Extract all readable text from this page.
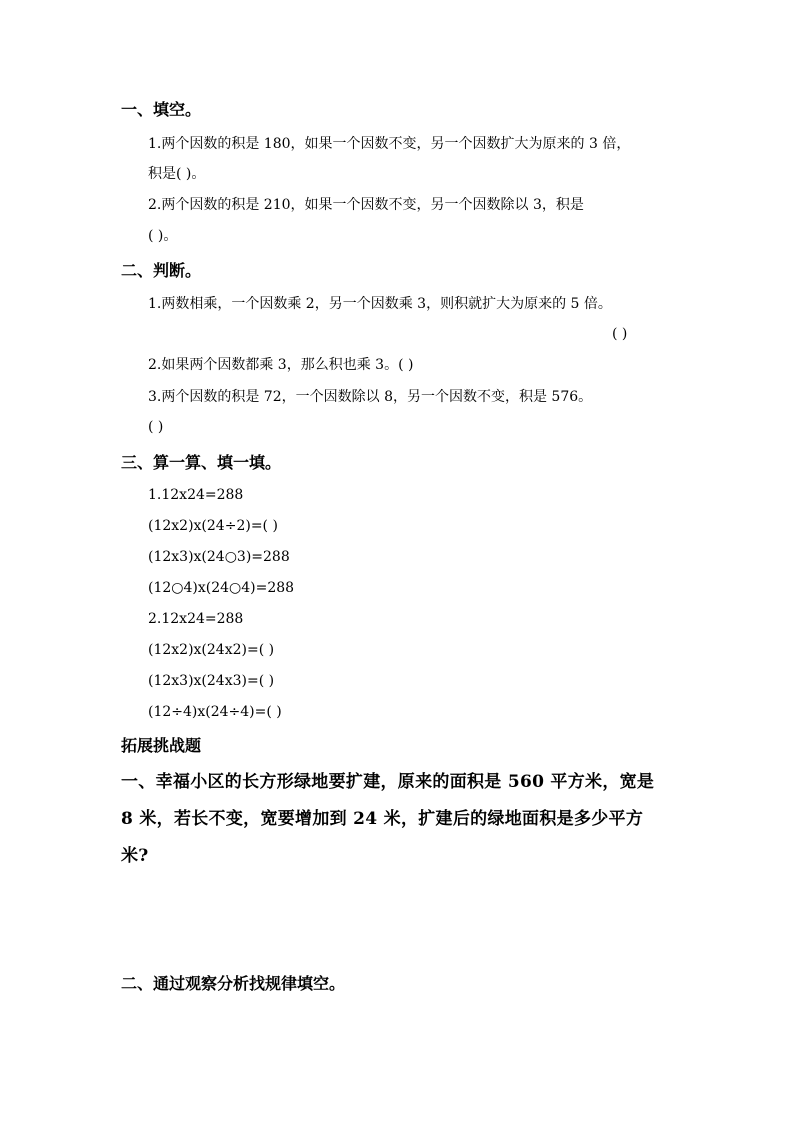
一、填空。
1.两个因数的积是 180，如果一个因数不变，另一个因数扩大为原来的 3 倍，
积是( )。
2.两个因数的积是 210，如果一个因数不变，另一个因数除以 3，积是
( )。
二、判断。
1.两数相乘，一个因数乘 2，另一个因数乘 3，则积就扩大为原来的 5 倍。
( )
2.如果两个因数都乘 3，那么积也乘 3。( )
3.两个因数的积是 72，一个因数除以 8，另一个因数不变，积是 576。
( )
三、算一算、填一填。
1.12x24=288
(12x2)x(24÷2)=( )
(12x3)x(24○3)=288
(12○4)x(24○4)=288
2.12x24=288
(12x2)x(24x2)=( )
(12x3)x(24x3)=( )
(12÷4)x(24÷4)=( )
拓展挑战题
一、幸福小区的长方形绿地要扩建，原来的面积是 560 平方米，宽是
8 米，若长不变，宽要增加到 24 米，扩建后的绿地面积是多少平方
米?
二、通过观察分析找规律填空。
